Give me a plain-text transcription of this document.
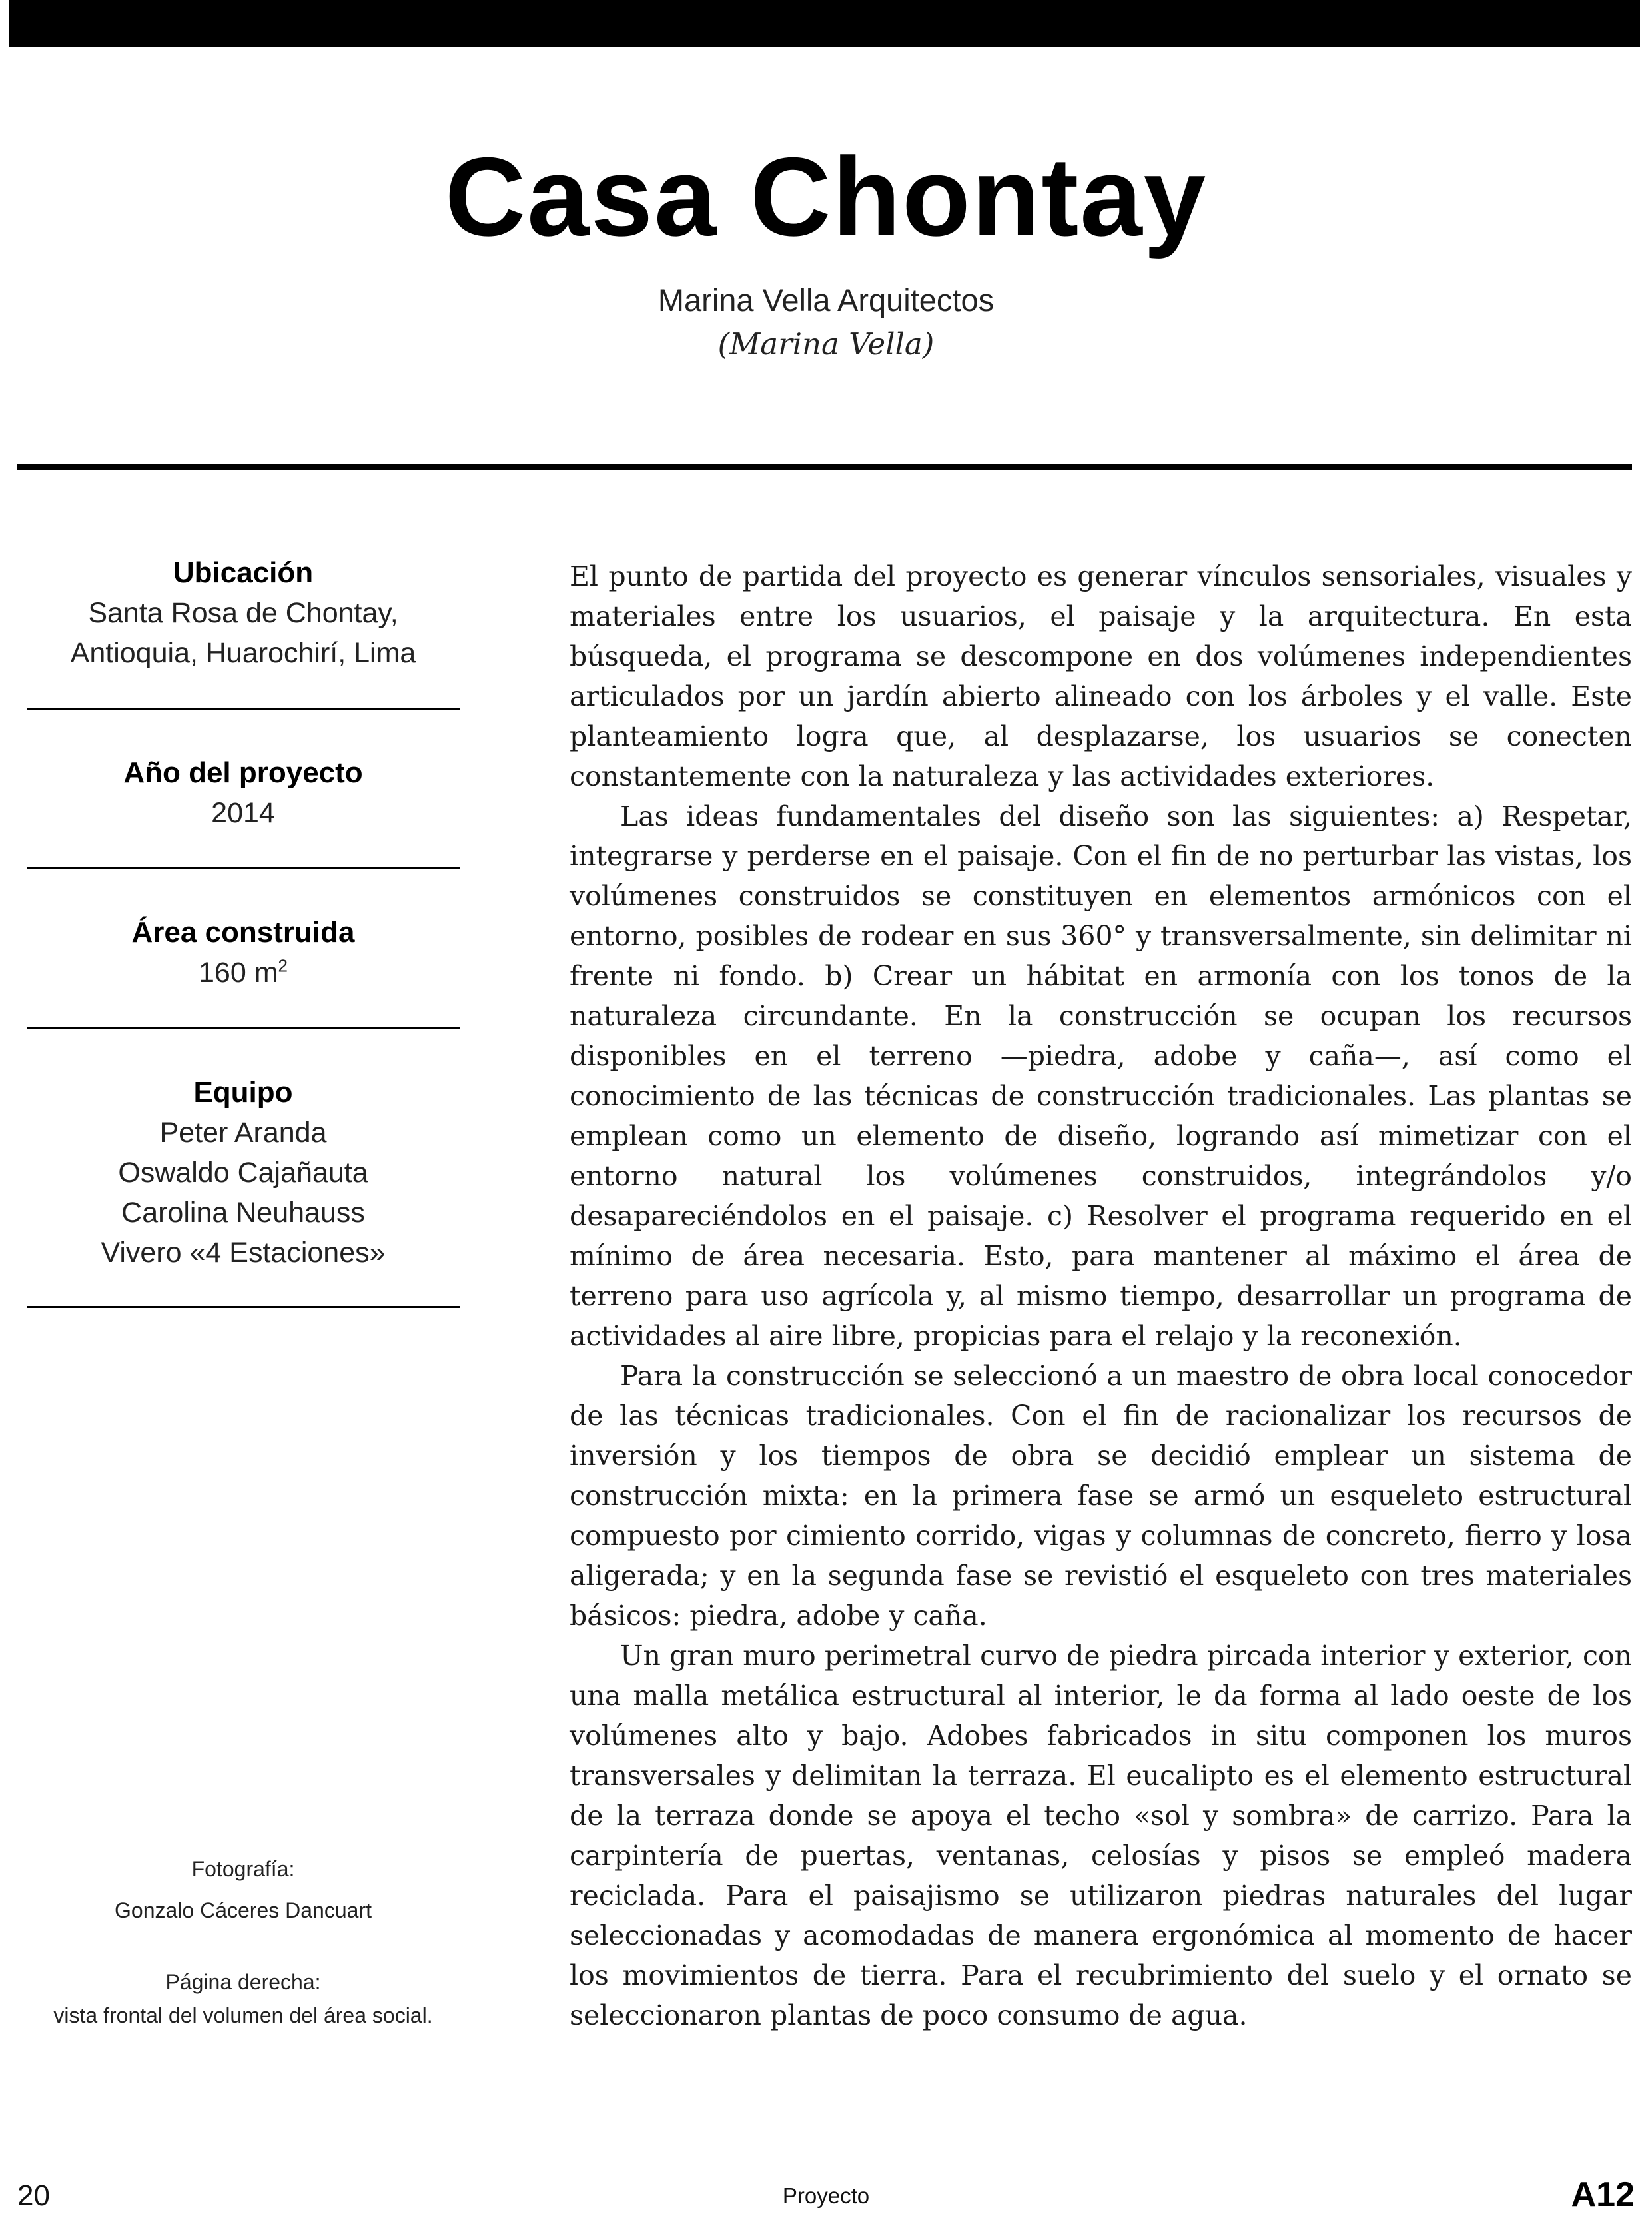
Casa Chontay
Marina Vella Arquitectos
(Marina Vella)
Ubicación
Santa Rosa de Chontay,
Antioquia, Huarochirí, Lima
Año del proyecto
2014
Área construida
160 $m^2$
Equipo
Peter Aranda
Oswaldo Cajañauta
Carolina Neuhauss
Vivero «4 Estaciones»
Fotografía:
Gonzalo Cáceres Dancuart
Página derecha:
vista frontal del volumen del área social.

El punto de partida del proyecto es generar vínculos sensoriales, visuales y materiales entre los usuarios, el paisaje y la arquitectura. En esta búsqueda, el programa se descompone en dos volúmenes independientes articulados por un jardín abierto alineado con los árboles y el valle. Este planteamiento logra que, al desplazarse, los usuarios se conecten constantemente con la naturaleza y las actividades exteriores.

Las ideas fundamentales del diseño son las siguientes: a) Respetar, integrarse y perderse en el paisaje. Con el fin de no perturbar las vistas, los volúmenes construidos se constituyen en elementos armónicos con el entorno, posibles de rodear en sus 360° y transversalmente, sin delimitar ni frente ni fondo. b) Crear un hábitat en armonía con los tonos de la naturaleza circundante. En la construcción se ocupan los recursos disponibles en el terreno —piedra, adobe y caña—, así como el conocimiento de las técnicas de construcción tradicionales. Las plantas se emplean como un elemento de diseño, logrando así mimetizar con el entorno natural los volúmenes construidos, integrándolos y/o desapareciéndolos en el paisaje. c) Resolver el programa requerido en el mínimo de área necesaria. Esto, para mantener al máximo el área de terreno para uso agrícola y, al mismo tiempo, desarrollar un programa de actividades al aire libre, propicias para el relajo y la reconexión.

Para la construcción se seleccionó a un maestro de obra local conocedor de las técnicas tradicionales. Con el fin de racionalizar los recursos de inversión y los tiempos de obra se decidió emplear un sistema de construcción mixta: en la primera fase se armó un esqueleto estructural compuesto por cimiento corrido, vigas y columnas de concreto, fierro y losa aligerada; y en la segunda fase se revistió el esqueleto con tres materiales básicos: piedra, adobe y caña.

Un gran muro perimetral curvo de piedra pircada interior y exterior, con una malla metálica estructural al interior, le da forma al lado oeste de los volúmenes alto y bajo. Adobes fabricados in situ componen los muros transversales y delimitan la terraza. El eucalipto es el elemento estructural de la terraza donde se apoya el techo «sol y sombra» de carrizo. Para la carpintería de puertas, ventanas, celosías y pisos se empleó madera reciclada. Para el paisajismo se utilizaron piedras naturales del lugar seleccionadas y acomodadas de manera ergonómica al momento de hacer los movimientos de tierra. Para el recubrimiento del suelo y el ornato se seleccionaron plantas de poco consumo de agua.

20	Proyecto	A12
